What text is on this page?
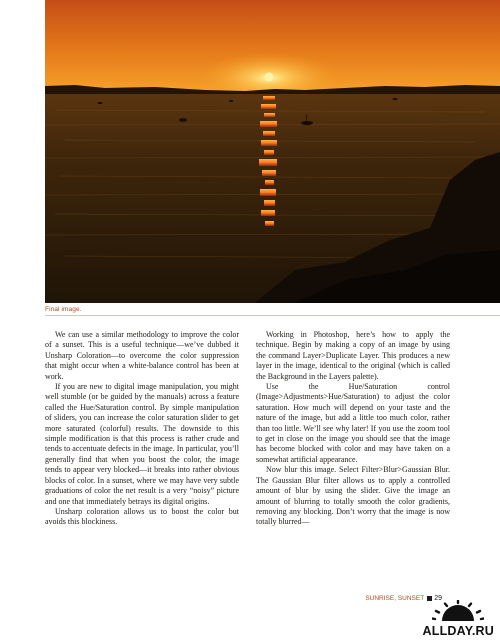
Final image.

We can use a similar methodology to improve the color of a sunset. This is a useful technique—we’ve dubbed it Unsharp Coloration—to overcome the color suppression that might occur when a white-balance control has been at work.

If you are new to digital image manipulation, you might well stumble (or be guided by the manuals) across a feature called the Hue/Saturation control. By simple manipulation of sliders, you can increase the color saturation slider to get more saturated (colorful) results. The downside to this simple modification is that this process is rather crude and tends to accentuate defects in the image. In particular, you’ll generally find that when you boost the color, the image tends to appear very blocked—it breaks into rather obvious blocks of color. In a sunset, where we may have very subtle graduations of color the net result is a very “noisy” picture and one that immediately betrays its digital origins.

Unsharp coloration allows us to boost the color but avoids this blockiness.

Working in Photoshop, here’s how to apply the technique. Begin by making a copy of an image by using the command Layer>Duplicate Layer. This produces a new layer in the image, identical to the original (which is called the Background in the Layers palette).

Use the Hue/Saturation control (Image>Adjustments>Hue/Saturation) to adjust the color saturation. How much will depend on your taste and the nature of the image, but add a little too much color, rather than too little. We’ll see why later! If you use the zoom tool to get in close on the image you should see that the image has become blocked with color and may have taken on a somewhat artificial appearance.

Now blur this image. Select Filter>Blur>Gaussian Blur. The Gaussian Blur filter allows us to apply a controlled amount of blur by using the slider. Give the image an amount of blurring to totally smooth the color gradients, removing any blocking. Don’t worry that the image is now totally blurred—

SUNRISE, SUNSET 29
ALLDAY.RU
